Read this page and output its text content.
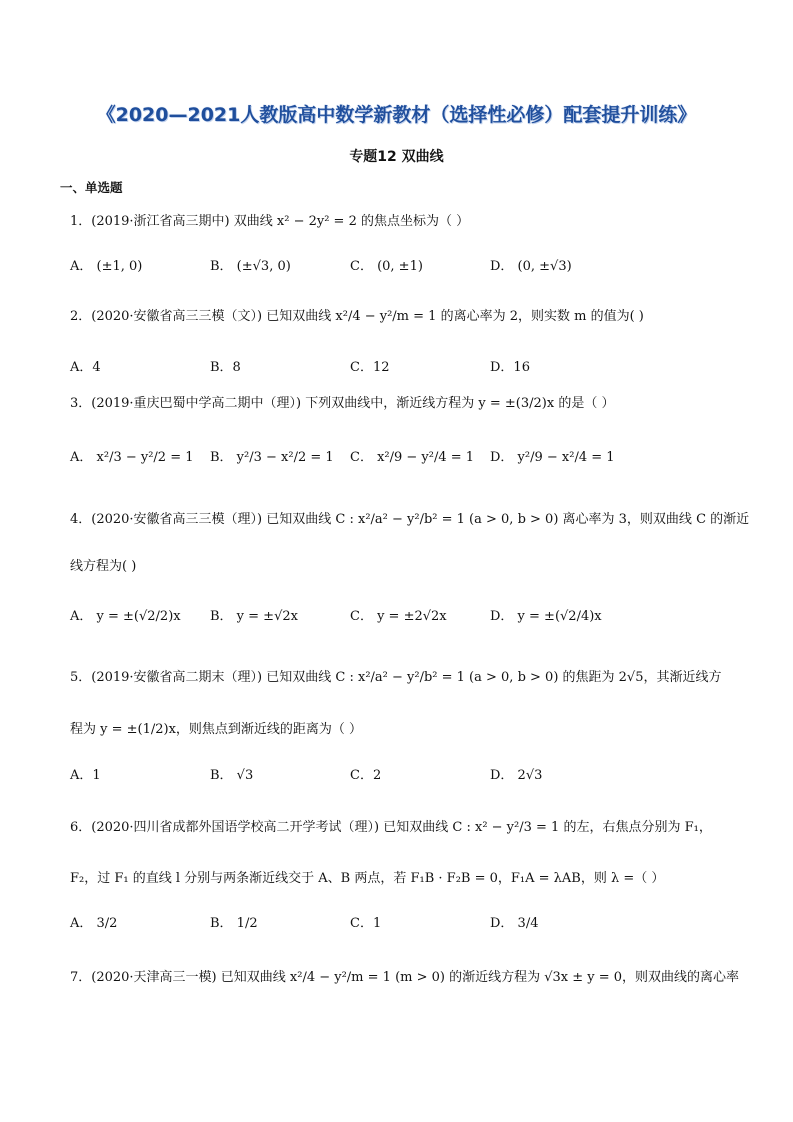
《2020—2021人教版高中数学新教材（选择性必修）配套提升训练》
专题12 双曲线
一、单选题
1．(2019·浙江省高三期中) 双曲线 x² − 2y² = 2 的焦点坐标为（ ）
A． (±1, 0)	B． (±√3, 0)	C． (0, ±1)	D． (0, ±√3)
2．(2020·安徽省高三三模（文）) 已知双曲线 x²/4 − y²/m = 1 的离心率为 2，则实数 m 的值为( )
A．4	B．8	C．12	D．16
3．(2019·重庆巴蜀中学高二期中（理）) 下列双曲线中，渐近线方程为 y = ±(3/2)x 的是（ ）
A． x²/3 − y²/2 = 1 B． y²/3 − x²/2 = 1 C． x²/9 − y²/4 = 1 D． y²/9 − x²/4 = 1
4．(2020·安徽省高三三模（理）) 已知双曲线 C : x²/a² − y²/b² = 1 (a > 0, b > 0) 离心率为 3，则双曲线 C 的渐近
线方程为( )
A． y = ±(√2/2)x B． y = ±√2x	C． y = ±2√2x	D． y = ±(√2/4)x
5．(2019·安徽省高二期末（理）) 已知双曲线 C : x²/a² − y²/b² = 1 (a > 0, b > 0) 的焦距为 2√5，其渐近线方
程为 y = ±(1/2)x，则焦点到渐近线的距离为（ ）
A．1	B． √3	C．2	D． 2√3
6．(2020·四川省成都外国语学校高二开学考试（理）) 已知双曲线 C : x² − y²/3 = 1 的左，右焦点分别为 F₁，
F₂，过 F₁ 的直线 l 分别与两条渐近线交于 A、B 两点，若 F₁B · F₂B = 0，F₁A = λAB，则 λ =（ ）
A． 3/2	B． 1/2	C．1	D． 3/4
7．(2020·天津高三一模) 已知双曲线 x²/4 − y²/m = 1 (m > 0) 的渐近线方程为 √3x ± y = 0，则双曲线的离心率
